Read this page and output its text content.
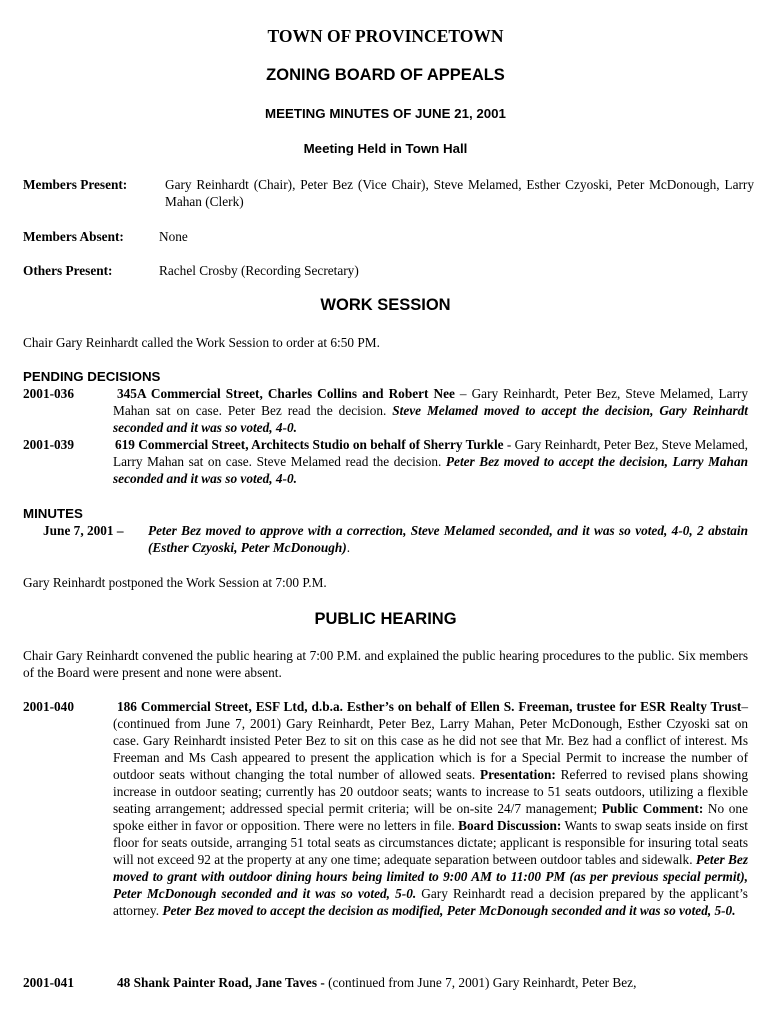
TOWN OF PROVINCETOWN
ZONING BOARD OF APPEALS
MEETING MINUTES OF JUNE 21, 2001
Meeting Held in Town Hall
Members Present:	Gary Reinhardt (Chair), Peter Bez (Vice Chair), Steve Melamed, Esther Czyoski, Peter McDonough, Larry Mahan (Clerk)
Members Absent:	None
Others Present:	Rachel Crosby (Recording Secretary)
WORK SESSION
Chair Gary Reinhardt called the Work Session to order at 6:50 PM.
PENDING DECISIONS
2001-036	345A Commercial Street, Charles Collins and Robert Nee – Gary Reinhardt, Peter Bez, Steve Melamed, Larry Mahan sat on case. Peter Bez read the decision. Steve Melamed moved to accept the decision, Gary Reinhardt seconded and it was so voted, 4-0.
2001-039	619 Commercial Street, Architects Studio on behalf of Sherry Turkle - Gary Reinhardt, Peter Bez, Steve Melamed, Larry Mahan sat on case. Steve Melamed read the decision. Peter Bez moved to accept the decision, Larry Mahan seconded and it was so voted, 4-0.
MINUTES
June 7, 2001 – Peter Bez moved to approve with a correction, Steve Melamed seconded, and it was so voted, 4-0, 2 abstain (Esther Czyoski, Peter McDonough).
Gary Reinhardt postponed the Work Session at 7:00 P.M.
PUBLIC HEARING
Chair Gary Reinhardt convened the public hearing at 7:00 P.M. and explained the public hearing procedures to the public. Six members of the Board were present and none were absent.
2001-040	186 Commercial Street, ESF Ltd, d.b.a. Esther’s on behalf of Ellen S. Freeman, trustee for ESR Realty Trust– (continued from June 7, 2001) Gary Reinhardt, Peter Bez, Larry Mahan, Peter McDonough, Esther Czyoski sat on case. Gary Reinhardt insisted Peter Bez to sit on this case as he did not see that Mr. Bez had a conflict of interest. Ms Freeman and Ms Cash appeared to present the application which is for a Special Permit to increase the number of outdoor seats without changing the total number of allowed seats. Presentation: Referred to revised plans showing increase in outdoor seating; currently has 20 outdoor seats; wants to increase to 51 seats outdoors, utilizing a flexible seating arrangement; addressed special permit criteria; will be on-site 24/7 management; Public Comment: No one spoke either in favor or opposition. There were no letters in file. Board Discussion: Wants to swap seats inside on first floor for seats outside, arranging 51 total seats as circumstances dictate; applicant is responsible for insuring total seats will not exceed 92 at the property at any one time; adequate separation between outdoor tables and sidewalk. Peter Bez moved to grant with outdoor dining hours being limited to 9:00 AM to 11:00 PM (as per previous special permit), Peter McDonough seconded and it was so voted, 5-0. Gary Reinhardt read a decision prepared by the applicant’s attorney. Peter Bez moved to accept the decision as modified, Peter McDonough seconded and it was so voted, 5-0.
2001-041	48 Shank Painter Road, Jane Taves - (continued from June 7, 2001) Gary Reinhardt, Peter Bez,
